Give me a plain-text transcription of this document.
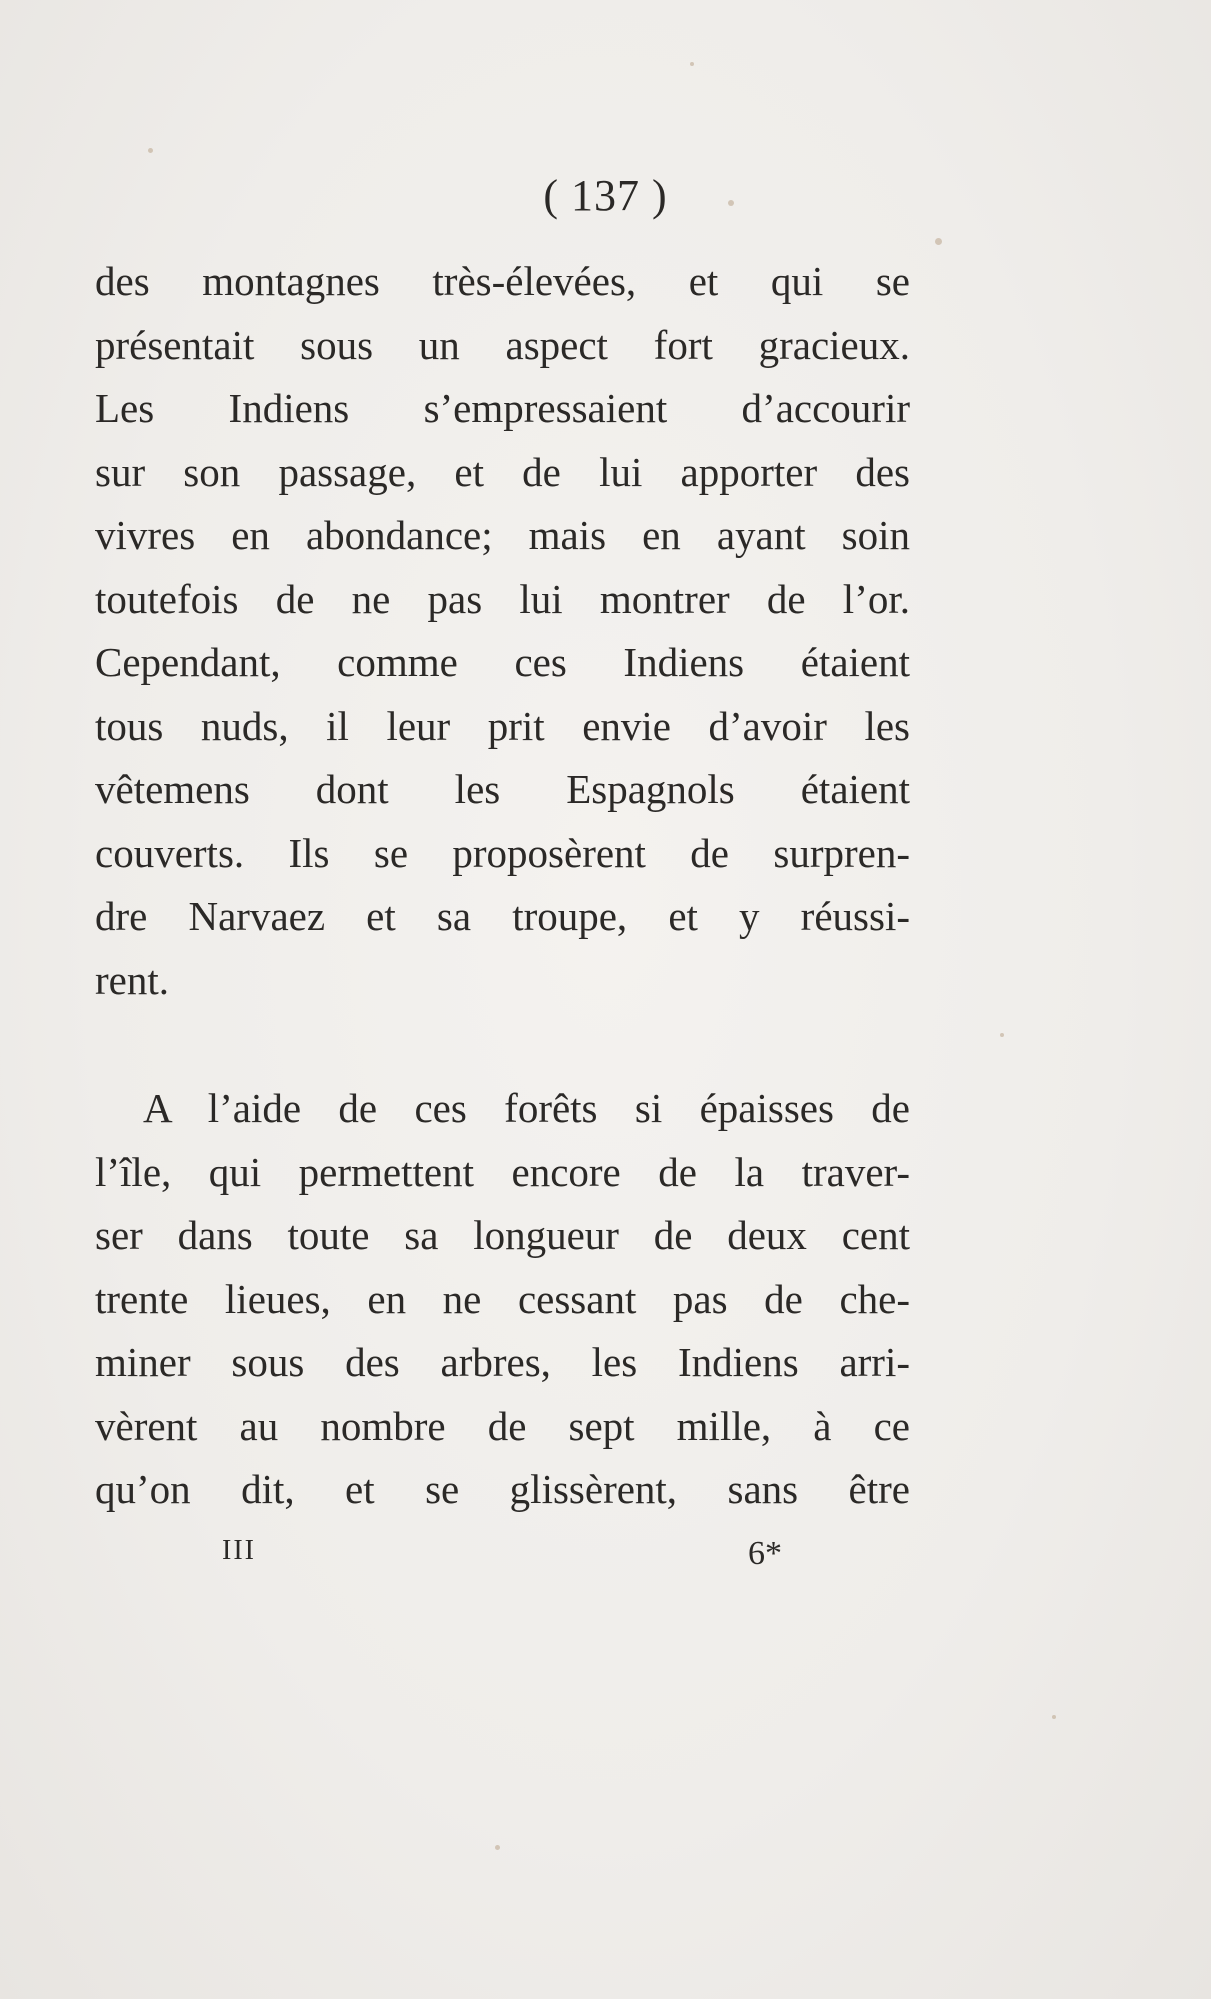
( 137 )
des montagnes très-élevées, et qui se
présentait sous un aspect fort gracieux.
Les Indiens s’empressaient d’accourir
sur son passage, et de lui apporter des
vivres en abondance; mais en ayant soin
toutefois de ne pas lui montrer de l’or.
Cependant, comme ces Indiens étaient
tous nuds, il leur prit envie d’avoir les
vêtemens dont les Espagnols étaient
couverts. Ils se proposèrent de surpren-
dre Narvaez et sa troupe, et y réussi-
rent.
A l’aide de ces forêts si épaisses de
l’île, qui permettent encore de la traver-
ser dans toute sa longueur de deux cent
trente lieues, en ne cessant pas de che-
miner sous des arbres, les Indiens arri-
vèrent au nombre de sept mille, à ce
qu’on dit, et se glissèrent, sans être
III	6*
